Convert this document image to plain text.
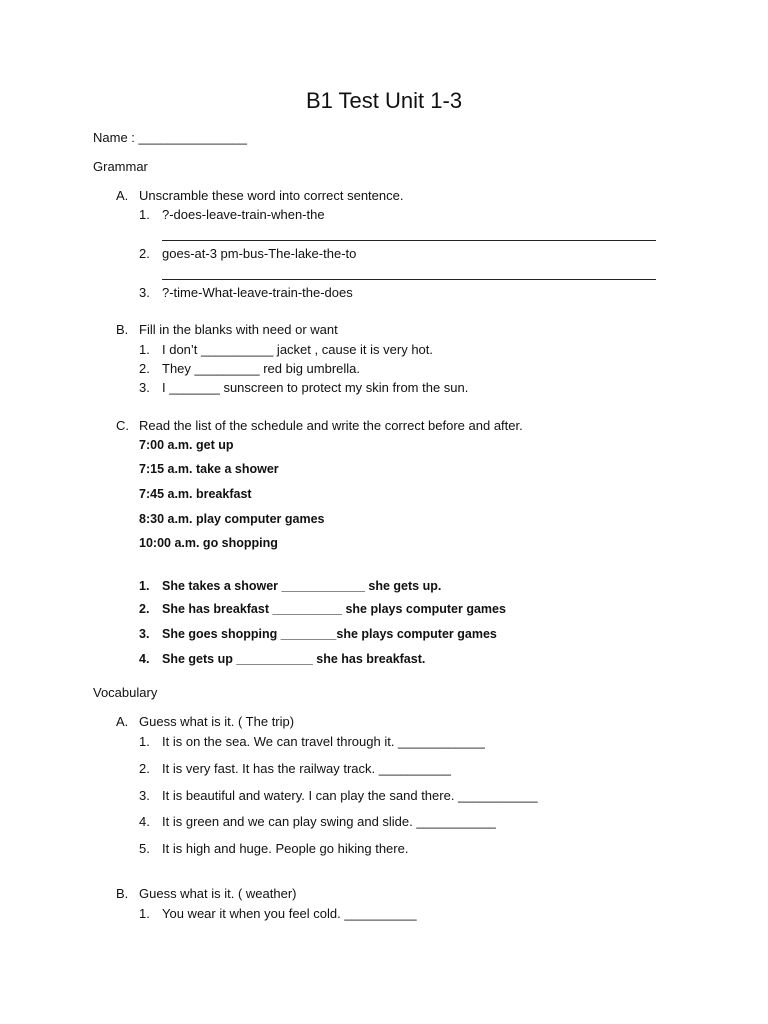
B1 Test Unit 1-3
Name : _______________
Grammar
A. Unscramble these word into correct sentence.
1. ?-does-leave-train-when-the
2. goes-at-3 pm-bus-The-lake-the-to
3. ?-time-What-leave-train-the-does
B. Fill in the blanks with need or want
1. I don’t __________ jacket , cause it is very hot.
2. They _________ red big umbrella.
3. I _______ sunscreen to protect my skin from the sun.
C. Read the list of the schedule and write the correct before and after.
7:00 a.m. get up
7:15 a.m. take a shower
7:45 a.m. breakfast
8:30 a.m. play computer games
10:00 a.m. go shopping
1. She takes a shower ____________ she gets up.
2. She has breakfast __________ she plays computer games
3. She goes shopping ________she plays computer games
4. She gets up ___________ she has breakfast.
Vocabulary
A. Guess what is it. ( The trip)
1. It is on the sea. We can travel through it. ____________
2. It is very fast. It has the railway track. __________
3. It is beautiful and watery. I can play the sand there. ___________
4. It is green and we can play swing and slide. ___________
5. It is high and huge. People go hiking there.
B. Guess what is it. ( weather)
1. You wear it when you feel cold. __________
